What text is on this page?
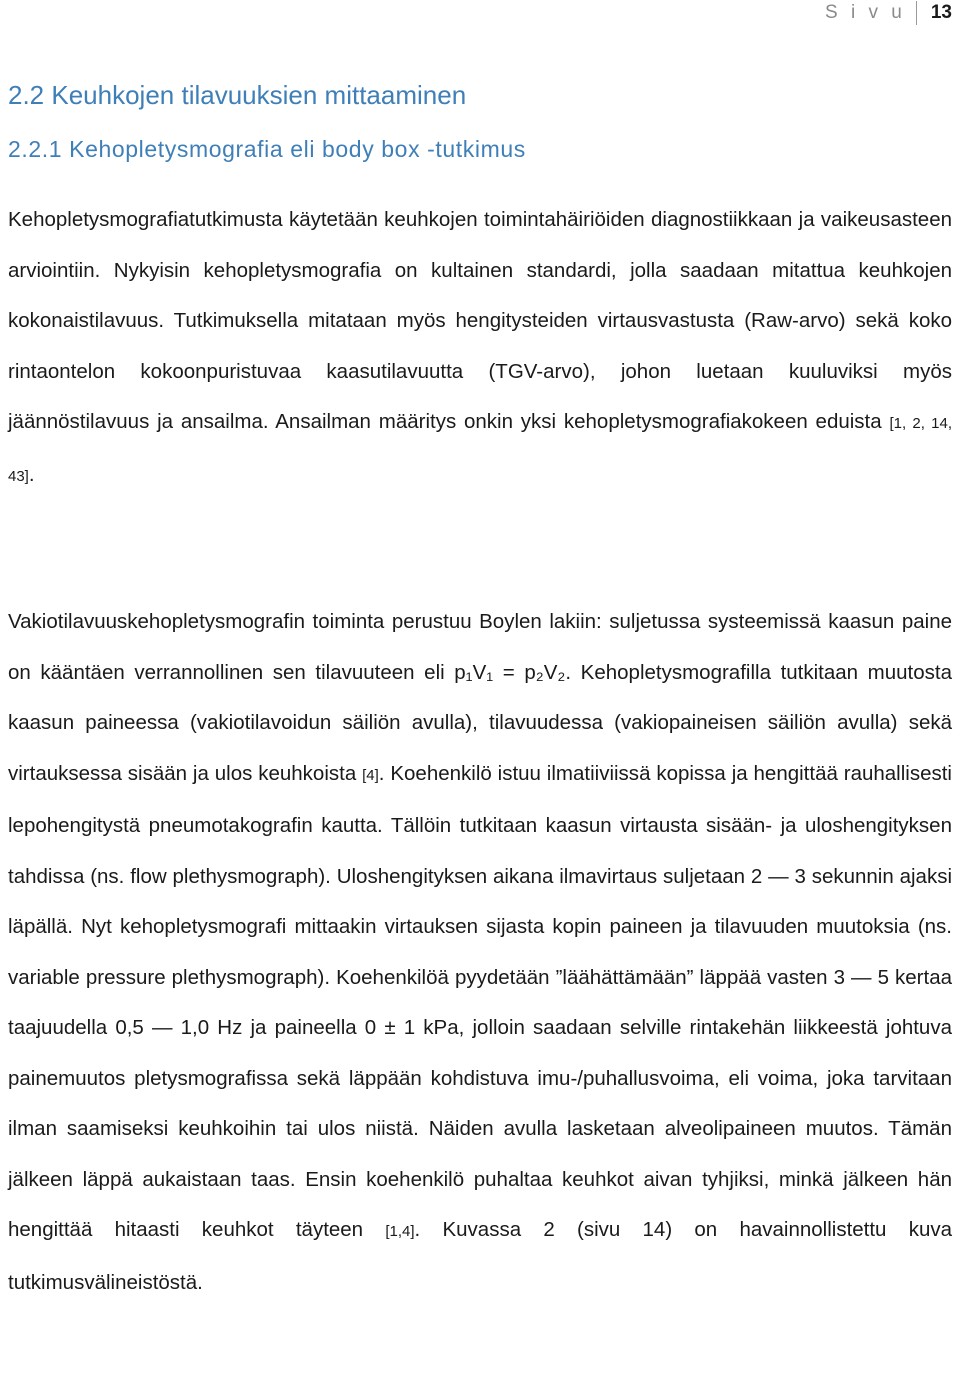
S i v u	13
2.2 Keuhkojen tilavuuksien mittaaminen
2.2.1 Kehopletysmografia eli body box -tutkimus

Kehopletysmografiatutkimusta käytetään keuhkojen toimintahäiriöiden diagnostiikkaan ja vaikeusasteen arviointiin. Nykyisin kehopletysmografia on kultainen standardi, jolla saadaan mitattua keuhkojen kokonaistilavuus. Tutkimuksella mitataan myös hengitysteiden virtausvastusta (Raw-arvo) sekä koko rintaontelon kokoonpuristuvaa kaasutilavuutta (TGV-arvo), johon luetaan kuuluviksi myös jäännöstilavuus ja ansailma. Ansailman määritys onkin yksi kehopletysmografiakokeen eduista [1, 2, 14, 43].

Vakiotilavuuskehopletysmografin toiminta perustuu Boylen lakiin: suljetussa systeemissä kaasun paine on kääntäen verrannollinen sen tilavuuteen eli p₁V₁ = p₂V₂. Kehopletysmografilla tutkitaan muutosta kaasun paineessa (vakiotilavoidun säiliön avulla), tilavuudessa (vakiopaineisen säiliön avulla) sekä virtauksessa sisään ja ulos keuhkoista [4]. Koehenkilö istuu ilmatiiviissä kopissa ja hengittää rauhallisesti lepohengitystä pneumotakografin kautta. Tällöin tutkitaan kaasun virtausta sisään- ja uloshengityksen tahdissa (ns. flow plethysmograph). Uloshengityksen aikana ilmavirtaus suljetaan 2 — 3 sekunnin ajaksi läpällä. Nyt kehopletysmografi mittaakin virtauksen sijasta kopin paineen ja tilavuuden muutoksia (ns. variable pressure plethysmograph). Koehenkilöä pyydetään ”läähättämään” läppää vasten 3 — 5 kertaa taajuudella 0,5 — 1,0 Hz ja paineella 0 ± 1 kPa, jolloin saadaan selville rintakehän liikkeestä johtuva painemuutos pletysmografissa sekä läppään kohdistuva imu-/puhallusvoima, eli voima, joka tarvitaan ilman saamiseksi keuhkoihin tai ulos niistä. Näiden avulla lasketaan alveolipaineen muutos. Tämän jälkeen läppä aukaistaan taas. Ensin koehenkilö puhaltaa keuhkot aivan tyhjiksi, minkä jälkeen hän hengittää hitaasti keuhkot täyteen [1,4]. Kuvassa 2 (sivu 14) on havainnollistettu kuva tutkimusvälineistöstä.
